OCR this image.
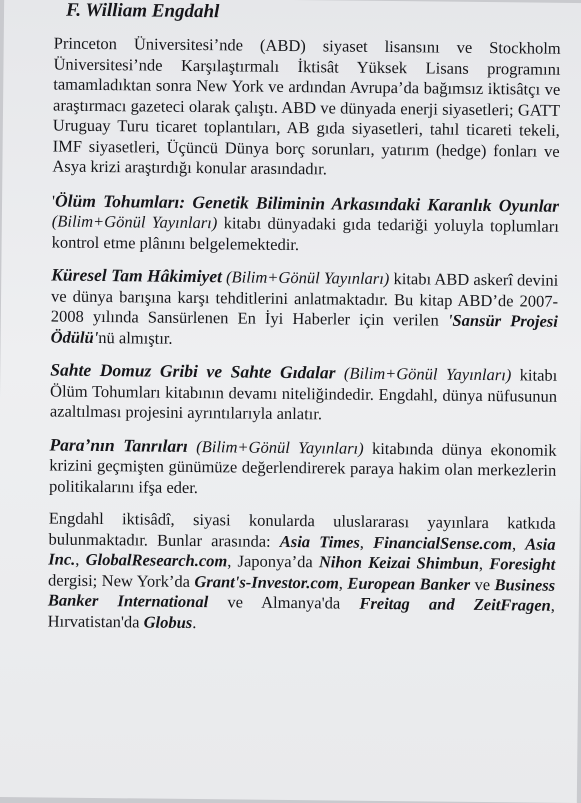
F. William Engdahl

Princeton Üniversitesi’nde (ABD) siyaset lisansını ve Stockholm Üniversitesi’nde Karşılaştırmalı İktisât Yüksek Lisans programını tamamladıktan sonra New York ve ardından Avrupa’da bağımsız iktisâtçı ve araştırmacı gazeteci olarak çalıştı. ABD ve dünyada enerji siyasetleri; GATT Uruguay Turu ticaret toplantıları, AB gıda siyasetleri, tahıl ticareti tekeli, IMF siyasetleri, Üçüncü Dünya borç sorunları, yatırım (hedge) fonları ve Asya krizi araştırdığı konular arasındadır.

'Ölüm Tohumları: Genetik Biliminin Arkasındaki Karanlık Oyunlar (Bilim+Gönül Yayınları) kitabı dünyadaki gıda tedariği yoluyla toplumları kontrol etme plânını belgelemektedir.

Küresel Tam Hâkimiyet (Bilim+Gönül Yayınları) kitabı ABD askerî devini ve dünya barışına karşı tehditlerini anlatmaktadır. Bu kitap ABD’de 2007-2008 yılında Sansürlenen En İyi Haberler için verilen 'Sansür Projesi Ödülü'nü almıştır.

Sahte Domuz Gribi ve Sahte Gıdalar (Bilim+Gönül Yayınları) kitabı Ölüm Tohumları kitabının devamı niteliğindedir. Engdahl, dünya nüfusunun azaltılması projesini ayrıntılarıyla anlatır.

Para’nın Tanrıları (Bilim+Gönül Yayınları) kitabında dünya ekonomik krizini geçmişten günümüze değerlendirerek paraya hakim olan merkezlerin politikalarını ifşa eder.

Engdahl iktisâdî, siyasi konularda uluslararası yayınlara katkıda bulunmaktadır. Bunlar arasında: Asia Times, FinancialSense.com, Asia Inc., GlobalResearch.com, Japonya’da Nihon Keizai Shimbun, Foresight dergisi; New York’da Grant's-Investor.com, European Banker ve Business Banker International ve Almanya'da Freitag and ZeitFragen, Hırvatistan'da Globus.
